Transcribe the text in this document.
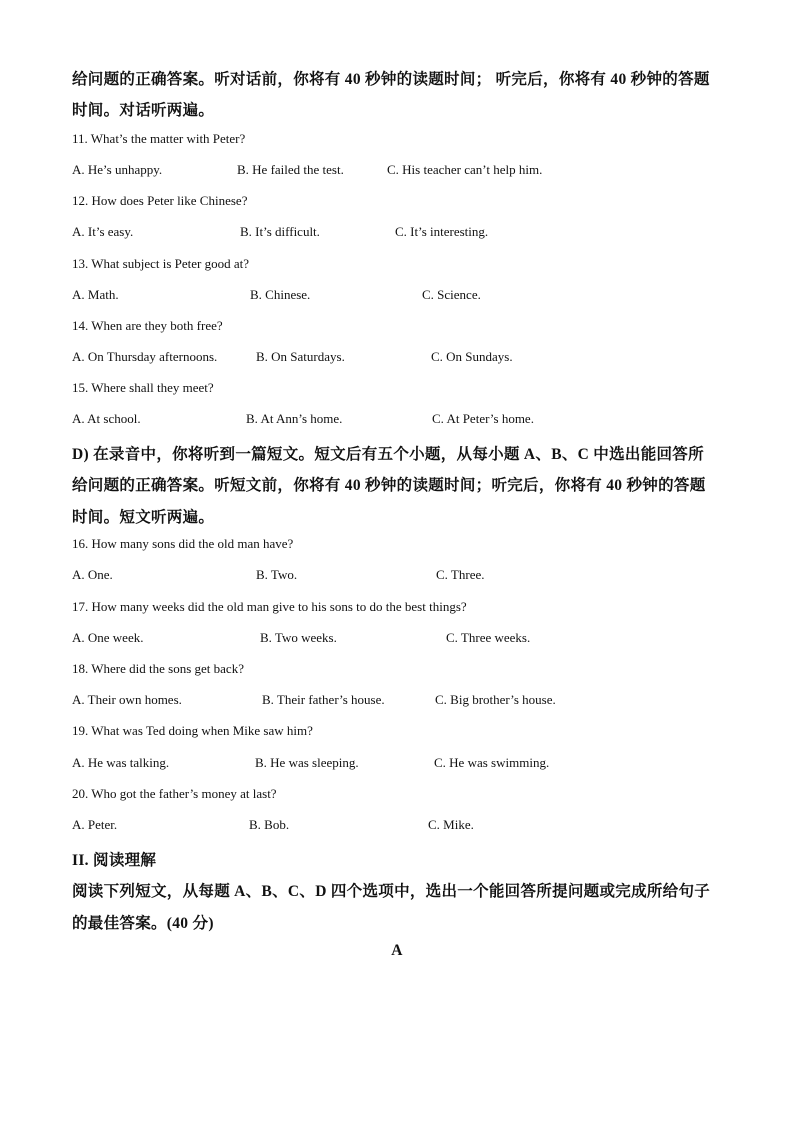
给问题的正确答案。听对话前，你将有 40 秒钟的读题时间； 听完后，你将有 40 秒钟的答题
时间。对话听两遍。
11. What’s the matter with Peter?
A. He’s unhappy.	B. He failed the test.	C. His teacher can’t help him.
12. How does Peter like Chinese?
A. It’s easy.	B. It’s difficult.	C. It’s interesting.
13. What subject is Peter good at?
A. Math.	B. Chinese.	C. Science.
14. When are they both free?
A. On Thursday afternoons.	B. On Saturdays.	C. On Sundays.
15. Where shall they meet?
A. At school.	B. At Ann’s home.	C. At Peter’s home.
D) 在录音中，你将听到一篇短文。短文后有五个小题，从每小题 A、B、C 中选出能回答所
给问题的正确答案。听短文前，你将有 40 秒钟的读题时间；听完后，你将有 40 秒钟的答题
时间。短文听两遍。
16. How many sons did the old man have?
A. One.	B. Two.	C. Three.
17. How many weeks did the old man give to his sons to do the best things?
A. One week.	B. Two weeks.	C. Three weeks.
18. Where did the sons get back?
A. Their own homes.	B. Their father’s house.	C. Big brother’s house.
19. What was Ted doing when Mike saw him?
A. He was talking.	B. He was sleeping.	C. He was swimming.
20. Who got the father’s money at last?
A. Peter.	B. Bob.	C. Mike.
II. 阅读理解
阅读下列短文，从每题 A、B、C、D 四个选项中，选出一个能回答所提问题或完成所给句子
的最佳答案。(40 分)
A
